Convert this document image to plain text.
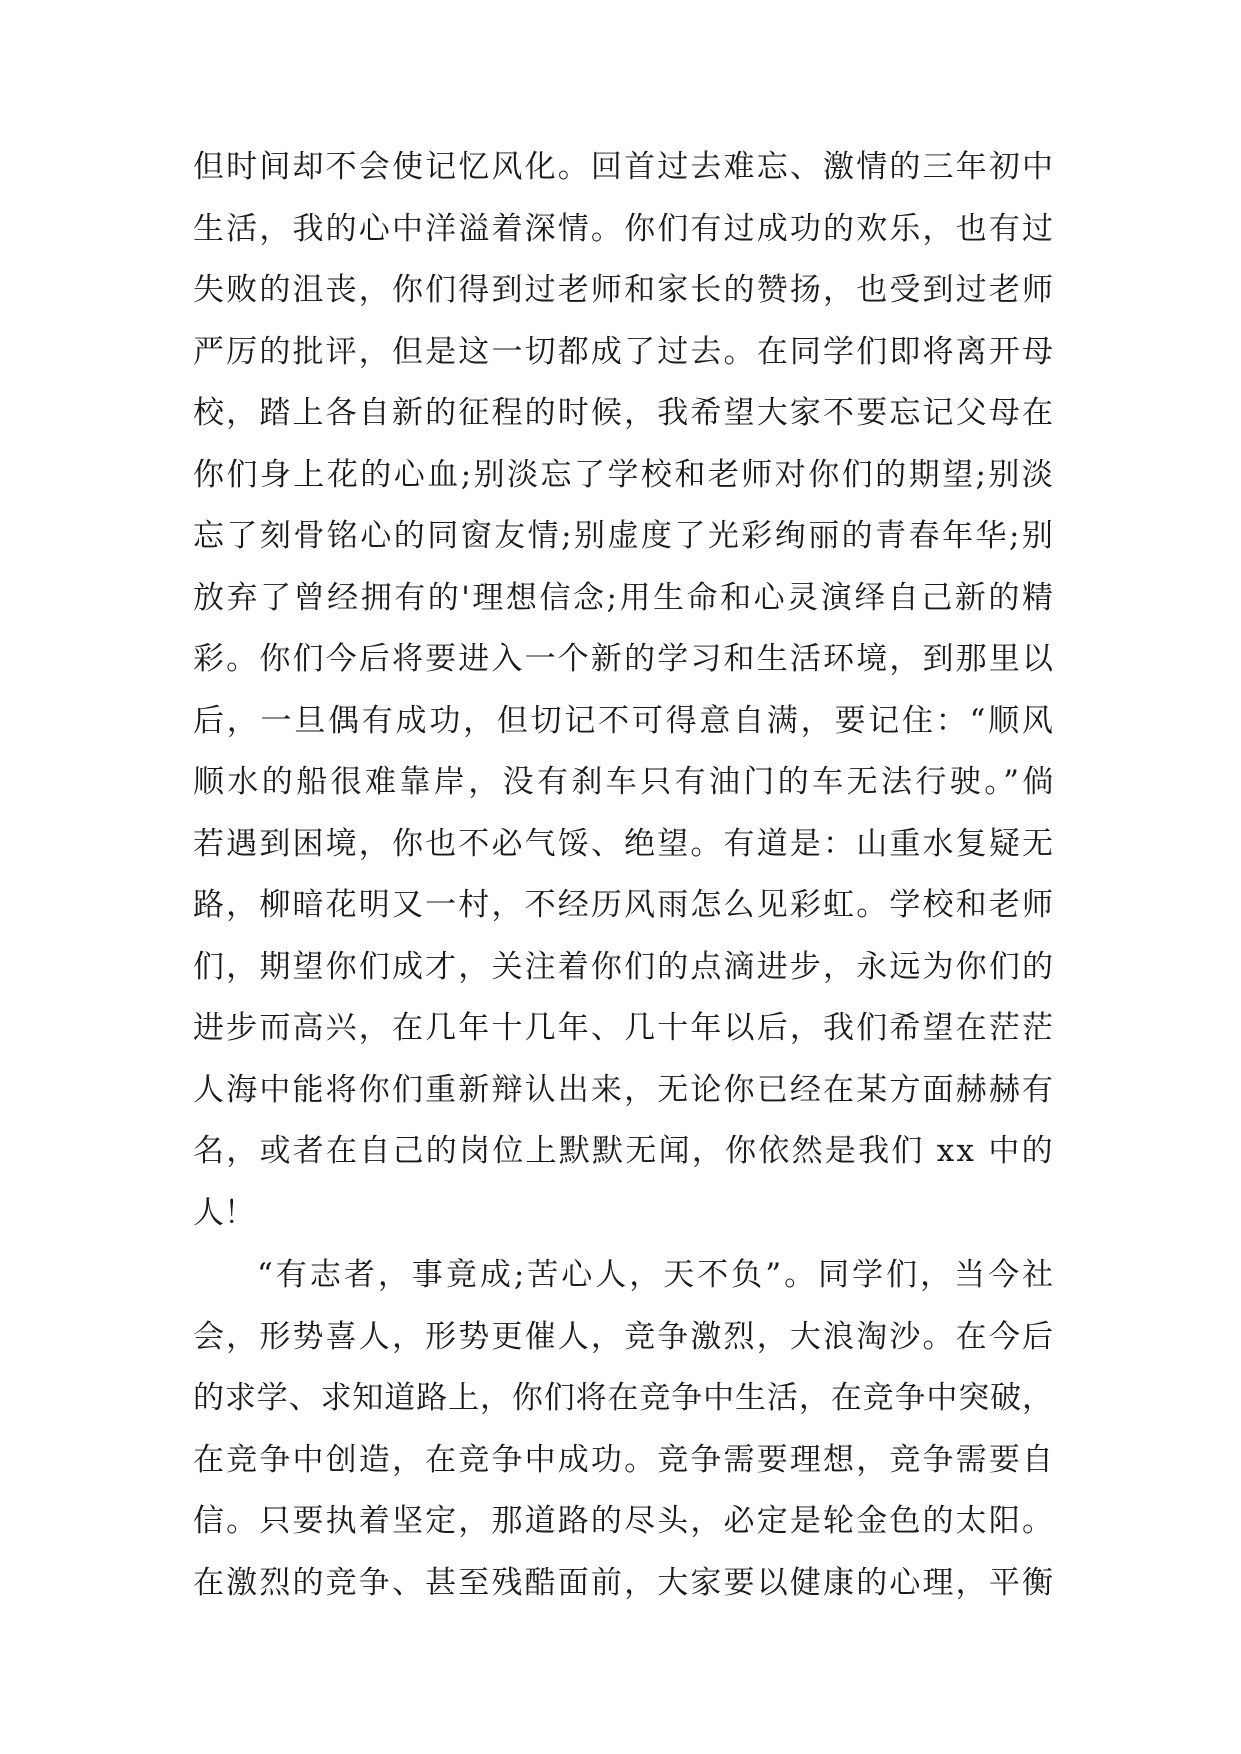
但时间却不会使记忆风化。回首过去难忘、激情的三年初中
生活，我的心中洋溢着深情。你们有过成功的欢乐，也有过
失败的沮丧，你们得到过老师和家长的赞扬，也受到过老师
严厉的批评，但是这一切都成了过去。在同学们即将离开母
校，踏上各自新的征程的时候，我希望大家不要忘记父母在
你们身上花的心血;别淡忘了学校和老师对你们的期望;别淡
忘了刻骨铭心的同窗友情;别虚度了光彩绚丽的青春年华;别
放弃了曾经拥有的'理想信念;用生命和心灵演绎自己新的精
彩。你们今后将要进入一个新的学习和生活环境，到那里以
后，一旦偶有成功，但切记不可得意自满，要记住：“顺风
顺水的船很难靠岸，没有刹车只有油门的车无法行驶。”倘
若遇到困境，你也不必气馁、绝望。有道是：山重水复疑无
路，柳暗花明又一村，不经历风雨怎么见彩虹。学校和老师
们，期望你们成才，关注着你们的点滴进步，永远为你们的
进步而高兴，在几年十几年、几十年以后，我们希望在茫茫
人海中能将你们重新辩认出来，无论你已经在某方面赫赫有
名，或者在自己的岗位上默默无闻，你依然是我们 xx 中的
人！
“有志者，事竟成;苦心人，天不负”。同学们，当今社
会，形势喜人，形势更催人，竞争激烈，大浪淘沙。在今后
的求学、求知道路上，你们将在竞争中生活，在竞争中突破，
在竞争中创造，在竞争中成功。竞争需要理想，竞争需要自
信。只要执着坚定，那道路的尽头，必定是轮金色的太阳。
在激烈的竞争、甚至残酷面前，大家要以健康的心理，平衡
